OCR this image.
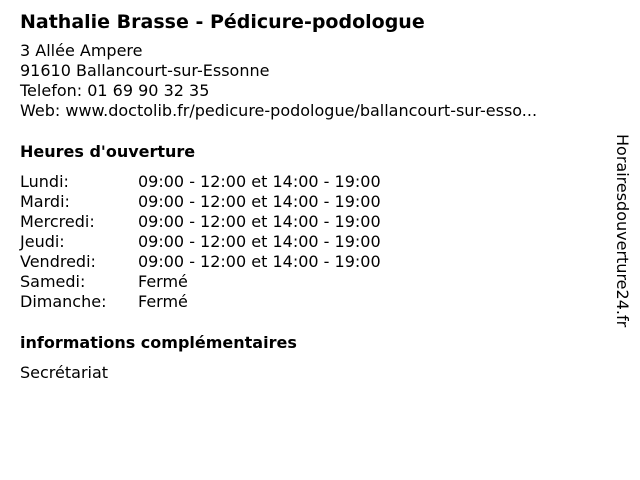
Nathalie Brasse - Pédicure-podologue
3 Allée Ampere
91610 Ballancourt-sur-Essonne
Telefon: 01 69 90 32 35
Web: www.doctolib.fr/pedicure-podologue/ballancourt-sur-esso...
Heures d'ouverture
Lundi:	09:00 - 12:00 et 14:00 - 19:00
Mardi:	09:00 - 12:00 et 14:00 - 19:00
Mercredi:	09:00 - 12:00 et 14:00 - 19:00
Jeudi:	09:00 - 12:00 et 14:00 - 19:00
Vendredi:	09:00 - 12:00 et 14:00 - 19:00
Samedi:	Fermé
Dimanche:	Fermé
informations complémentaires
Secrétariat
Horairesdouverture24.fr
